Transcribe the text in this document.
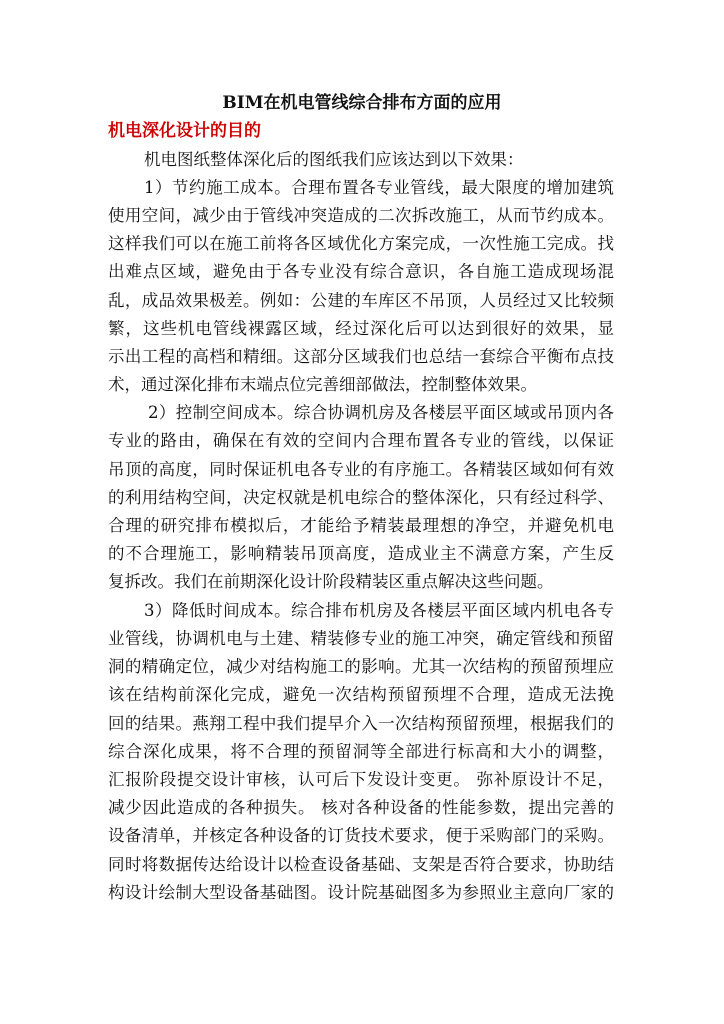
BIM在机电管线综合排布方面的应用
机电深化设计的目的
机电图纸整体深化后的图纸我们应该达到以下效果：
1）节约施工成本。合理布置各专业管线，最大限度的增加建筑
使用空间，减少由于管线冲突造成的二次拆改施工，从而节约成本。
这样我们可以在施工前将各区域优化方案完成，一次性施工完成。找
出难点区域，避免由于各专业没有综合意识，各自施工造成现场混
乱，成品效果极差。例如：公建的车库区不吊顶，人员经过又比较频
繁，这些机电管线裸露区域，经过深化后可以达到很好的效果，显
示出工程的高档和精细。这部分区域我们也总结一套综合平衡布点技
术，通过深化排布末端点位完善细部做法，控制整体效果。
2）控制空间成本。综合协调机房及各楼层平面区域或吊顶内各
专业的路由，确保在有效的空间内合理布置各专业的管线，以保证
吊顶的高度，同时保证机电各专业的有序施工。各精装区域如何有效
的利用结构空间，决定权就是机电综合的整体深化，只有经过科学、
合理的研究排布模拟后，才能给予精装最理想的净空，并避免机电
的不合理施工，影响精装吊顶高度，造成业主不满意方案，产生反
复拆改。我们在前期深化设计阶段精装区重点解决这些问题。
3）降低时间成本。综合排布机房及各楼层平面区域内机电各专
业管线，协调机电与土建、精装修专业的施工冲突，确定管线和预留
洞的精确定位，减少对结构施工的影响。尤其一次结构的预留预埋应
该在结构前深化完成，避免一次结构预留预埋不合理，造成无法挽
回的结果。燕翔工程中我们提早介入一次结构预留预埋，根据我们的
综合深化成果，将不合理的预留洞等全部进行标高和大小的调整，
汇报阶段提交设计审核，认可后下发设计变更。 弥补原设计不足，
减少因此造成的各种损失。 核对各种设备的性能参数，提出完善的
设备清单，并核定各种设备的订货技术要求，便于采购部门的采购。
同时将数据传达给设计以检查设备基础、支架是否符合要求，协助结
构设计绘制大型设备基础图。设计院基础图多为参照业主意向厂家的
